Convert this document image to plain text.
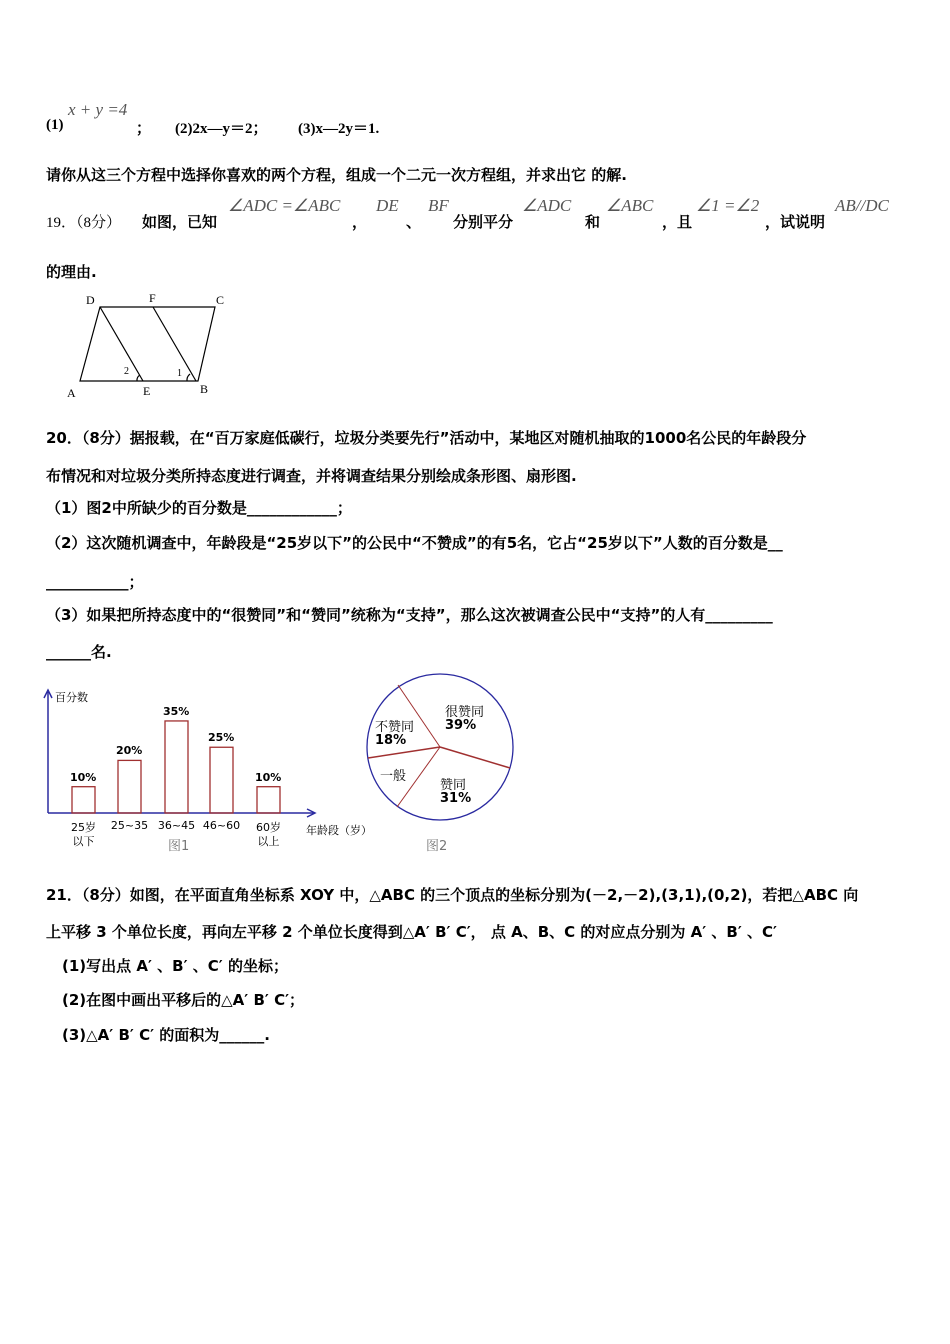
(1)
x + y =4
； (2)2x—y＝2； (3)x—2y＝1.
请你从这三个方程中选择你喜欢的两个方程，组成一个二元一次方程组，并求出它 的解.
19．（8分） 如图，已知
∠ADC =∠ABC
，
DE
、
BF
分别平分
∠ADC
和
∠ABC
，且
∠1 =∠2
，试说明
AB//DC
的理由.
D	F	C
A	E	B
1
2
20．（8分）据报载，在“百万家庭低碳行，垃圾分类要先行”活动中，某地区对随机抽取的1000名公民的年龄段分
布情况和对垃圾分类所持态度进行调查，并将调查结果分别绘成条形图、扇形图.
（1）图2中所缺少的百分数是____________；
（2）这次随机调查中，年龄段是“25岁以下”的公民中“不赞成”的有5名，它占“25岁以下”人数的百分数是__
___________；
（3）如果把所持态度中的“很赞同”和“赞同”统称为“支持”，那么这次被调查公民中“支持”的人有_________
______名.
百分数
年龄段（岁）
图1	图2
10%
25岁
以下
20%
25~35
35%
36~45
25%
46~60
10%
60岁
以上
很赞同
39%
赞同
31%
一般
不赞同
18%
21．（8分）如图，在平面直角坐标系 XOY 中，△ABC 的三个顶点的坐标分别为(－2,－2),(3,1),(0,2)，若把△ABC 向
上平移 3 个单位长度，再向左平移 2 个单位长度得到△A′ B′ C′， 点 A、B、C 的对应点分别为 A′ 、B′ 、C′
(1)写出点 A′ 、B′ 、C′ 的坐标；
(2)在图中画出平移后的△A′ B′ C′；
(3)△A′ B′ C′ 的面积为______.
